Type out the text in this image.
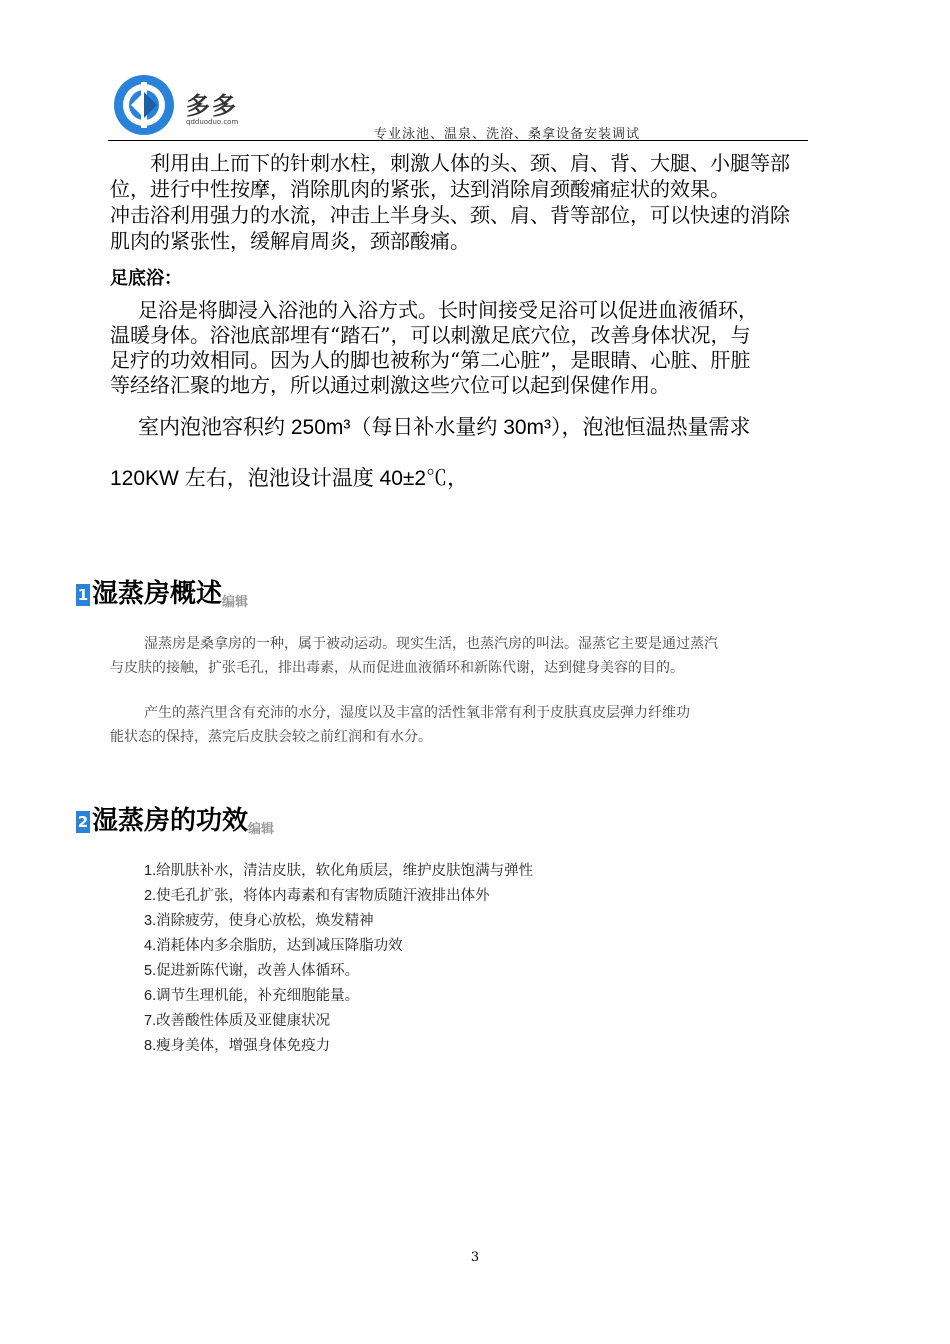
多多
qdduoduo.com
专业泳池、温泉、洗浴、桑拿设备安装调试

利用由上而下的针刺水柱，刺激人体的头、颈、肩、背、大腿、小腿等部
位，进行中性按摩，消除肌肉的紧张，达到消除肩颈酸痛症状的效果。
冲击浴利用强力的水流，冲击上半身头、颈、肩、背等部位，可以快速的消除
肌肉的紧张性，缓解肩周炎，颈部酸痛。

足底浴：

足浴是将脚浸入浴池的入浴方式。长时间接受足浴可以促进血液循环，
温暖身体。浴池底部埋有“踏石”，可以刺激足底穴位，改善身体状况，与
足疗的功效相同。因为人的脚也被称为“第二心脏”，是眼睛、心脏、肝脏
等经络汇聚的地方，所以通过刺激这些穴位可以起到保健作用。

室内泡池容积约 250m³（每日补水量约 30m³），泡池恒温热量需求
120KW 左右，泡池设计温度 40±2℃，
1 湿蒸房概述编辑
湿蒸房是桑拿房的一种，属于被动运动。现实生活，也蒸汽房的叫法。湿蒸它主要是通过蒸汽
与皮肤的接触，扩张毛孔，排出毒素，从而促进血液循环和新陈代谢，达到健身美容的目的。
产生的蒸汽里含有充沛的水分，湿度以及丰富的活性氧非常有利于皮肤真皮层弹力纤维功
能状态的保持，蒸完后皮肤会较之前红润和有水分。
2 湿蒸房的功效编辑
1.给肌肤补水，清洁皮肤，软化角质层，维护皮肤饱满与弹性
2.使毛孔扩张，将体内毒素和有害物质随汗液排出体外
3.消除疲劳，使身心放松，焕发精神
4.消耗体内多余脂肪，达到减压降脂功效
5.促进新陈代谢，改善人体循环。
6.调节生理机能，补充细胞能量。
7.改善酸性体质及亚健康状况
8.瘦身美体，增强身体免疫力
3
